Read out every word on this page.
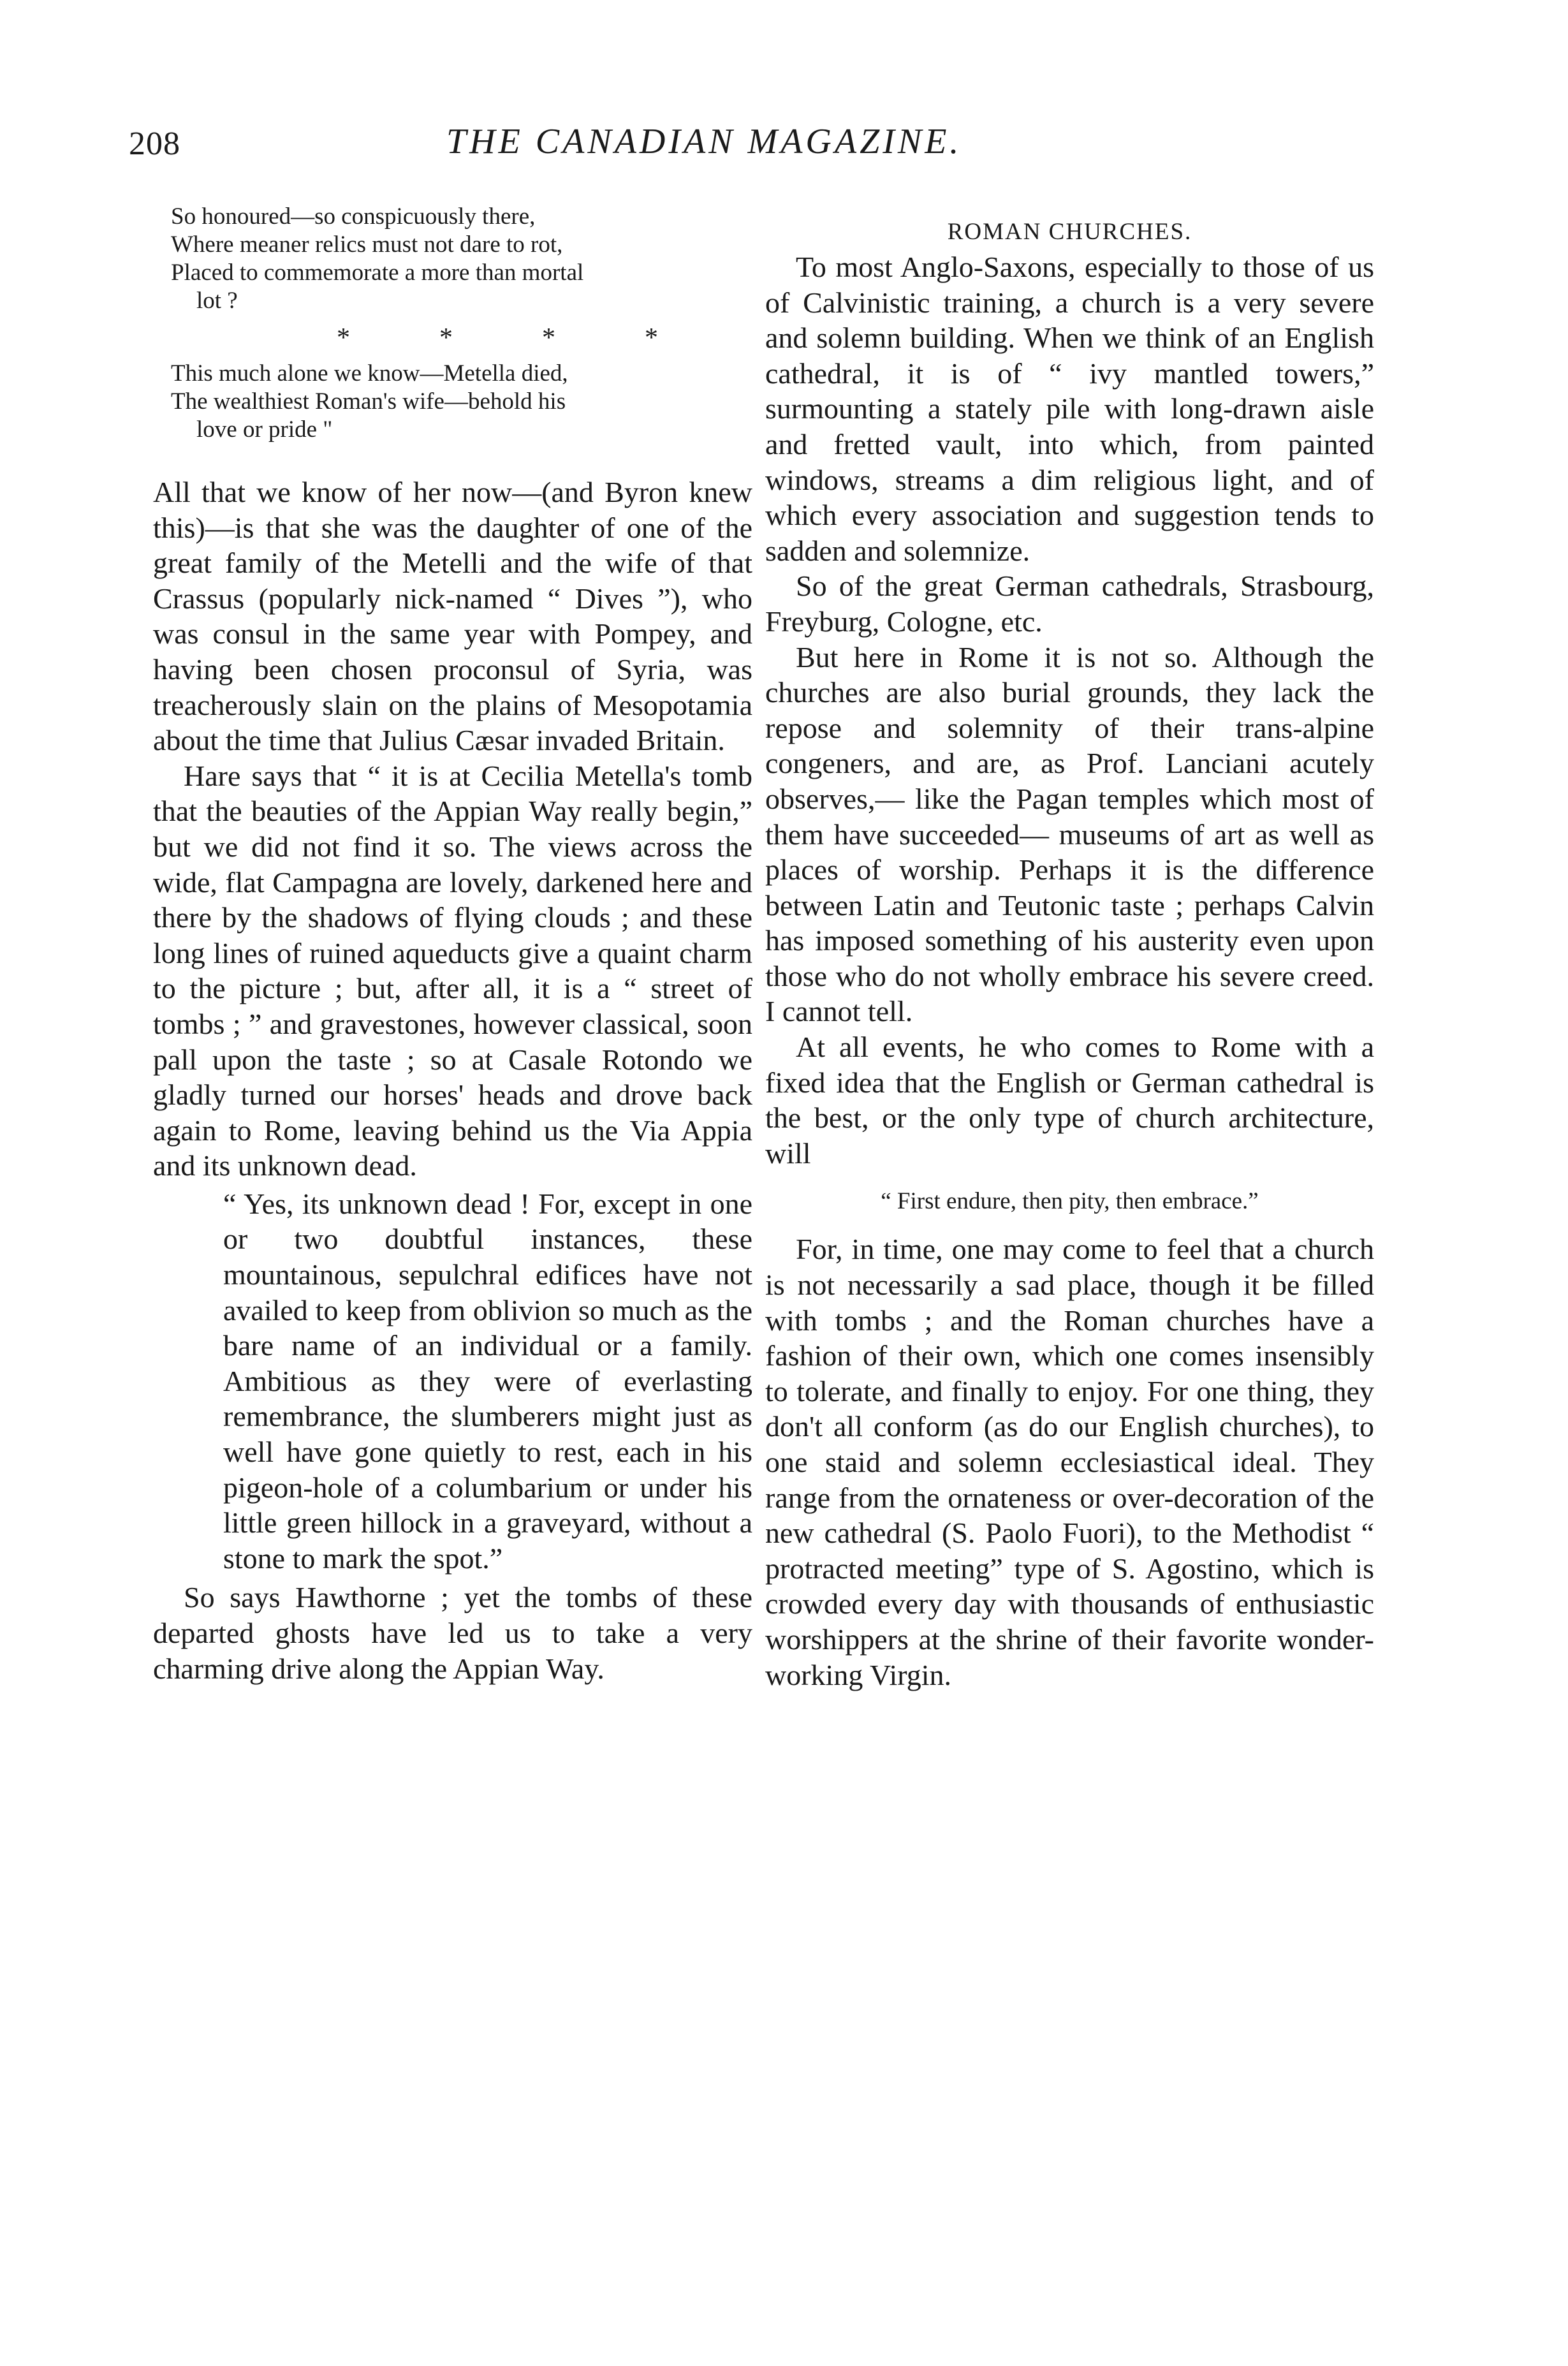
208	THE CANADIAN MAGAZINE.
So honoured—so conspicuously there,
Where meaner relics must not dare to rot,
Placed to commemorate a more than mortal
lot ?
*	*	*	*
This much alone we know—Metella died,
The wealthiest Roman's wife—behold his
love or pride "

All that we know of her now—(and Byron knew this)—is that she was the daughter of one of the great family of the Metelli and the wife of that Crassus (popularly nick-named “ Dives ”), who was consul in the same year with Pompey, and having been chosen proconsul of Syria, was treacherously slain on the plains of Mesopotamia about the time that Julius Cæsar invaded Britain.

Hare says that “ it is at Cecilia Metella's tomb that the beauties of the Appian Way really begin,” but we did not find it so. The views across the wide, flat Campagna are lovely, darkened here and there by the shadows of flying clouds ; and these long lines of ruined aqueducts give a quaint charm to the picture ; but, after all, it is a “ street of tombs ; ” and gravestones, however classical, soon pall upon the taste ; so at Casale Rotondo we gladly turned our horses' heads and drove back again to Rome, leaving behind us the Via Appia and its unknown dead.

“ Yes, its unknown dead ! For, except in one or two doubtful instances, these mountainous, sepulchral edifices have not availed to keep from oblivion so much as the bare name of an individual or a family. Ambitious as they were of everlasting remembrance, the slumberers might just as well have gone quietly to rest, each in his pigeon-hole of a columbarium or under his little green hillock in a graveyard, without a stone to mark the spot.”

So says Hawthorne ; yet the tombs of these departed ghosts have led us to take a very charming drive along the Appian Way.

ROMAN CHURCHES.

To most Anglo-Saxons, especially to those of us of Calvinistic training, a church is a very severe and solemn building. When we think of an English cathedral, it is of “ ivy mantled towers,” surmounting a stately pile with long-drawn aisle and fretted vault, into which, from painted windows, streams a dim religious light, and of which every association and suggestion tends to sadden and solemnize.

So of the great German cathedrals, Strasbourg, Freyburg, Cologne, etc.

But here in Rome it is not so. Although the churches are also burial grounds, they lack the repose and solemnity of their trans-alpine congeners, and are, as Prof. Lanciani acutely observes,— like the Pagan temples which most of them have succeeded— museums of art as well as places of worship. Perhaps it is the difference between Latin and Teutonic taste ; perhaps Calvin has imposed something of his austerity even upon those who do not wholly embrace his severe creed. I cannot tell.

At all events, he who comes to Rome with a fixed idea that the English or German cathedral is the best, or the only type of church architecture, will

“ First endure, then pity, then embrace.”

For, in time, one may come to feel that a church is not necessarily a sad place, though it be filled with tombs ; and the Roman churches have a fashion of their own, which one comes insensibly to tolerate, and finally to enjoy. For one thing, they don't all conform (as do our English churches), to one staid and solemn ecclesiastical ideal. They range from the ornateness or over-decoration of the new cathedral (S. Paolo Fuori), to the Methodist “ protracted meeting” type of S. Agostino, which is crowded every day with thousands of enthusiastic worshippers at the shrine of their favorite wonder-working Virgin.
